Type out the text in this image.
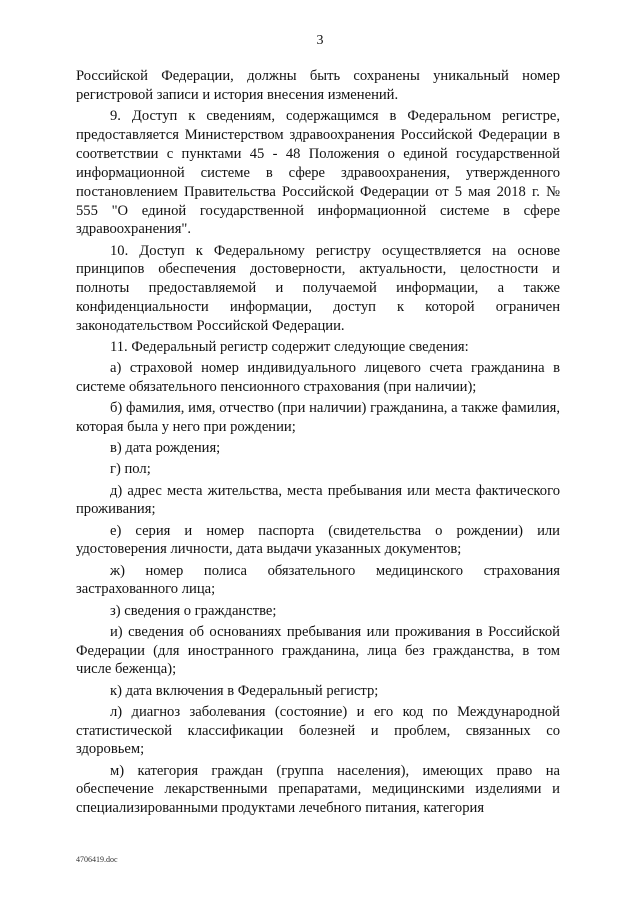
3

Российской Федерации, должны быть сохранены уникальный номер регистровой записи и история внесения изменений.

9. Доступ к сведениям, содержащимся в Федеральном регистре, предоставляется Министерством здравоохранения Российской Федерации в соответствии с пунктами 45 - 48 Положения о единой государственной информационной системе в сфере здравоохранения, утвержденного постановлением Правительства Российской Федерации от 5 мая 2018 г. № 555 "О единой государственной информационной системе в сфере здравоохранения".

10. Доступ к Федеральному регистру осуществляется на основе принципов обеспечения достоверности, актуальности, целостности и полноты предоставляемой и получаемой информации, а также конфиденциальности информации, доступ к которой ограничен законодательством Российской Федерации.

11. Федеральный регистр содержит следующие сведения:

а) страховой номер индивидуального лицевого счета гражданина в системе обязательного пенсионного страхования (при наличии);

б) фамилия, имя, отчество (при наличии) гражданина, а также фамилия, которая была у него при рождении;

в) дата рождения;

г) пол;

д) адрес места жительства, места пребывания или места фактического проживания;

е) серия и номер паспорта (свидетельства о рождении) или удостоверения личности, дата выдачи указанных документов;

ж) номер полиса обязательного медицинского страхования застрахованного лица;

з) сведения о гражданстве;

и) сведения об основаниях пребывания или проживания в Российской Федерации (для иностранного гражданина, лица без гражданства, в том числе беженца);

к) дата включения в Федеральный регистр;

л) диагноз заболевания (состояние) и его код по Международной статистической классификации болезней и проблем, связанных со здоровьем;

м) категория граждан (группа населения), имеющих право на обеспечение лекарственными препаратами, медицинскими изделиями и специализированными продуктами лечебного питания, категория

4706419.doc
